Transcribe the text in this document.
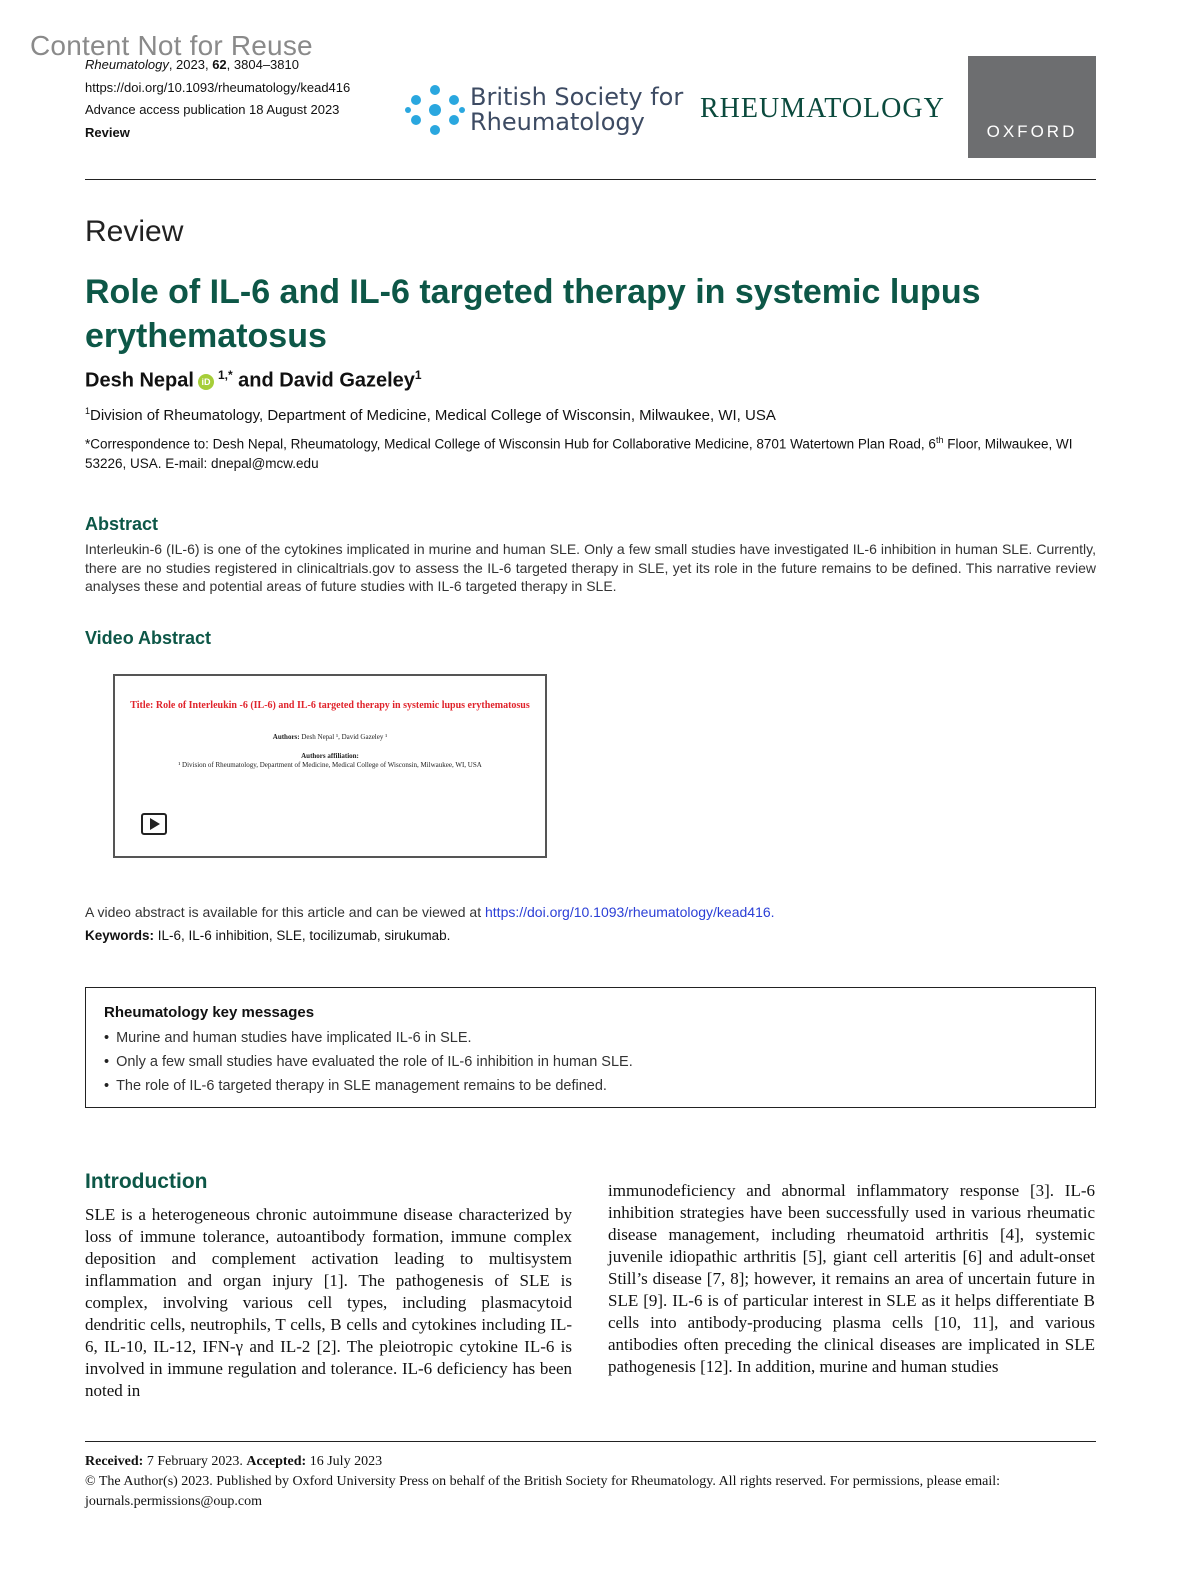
Rheumatology, 2023, 62, 3804–3810
https://doi.org/10.1093/rheumatology/kead416
Advance access publication 18 August 2023
Review
Content Not for Reuse
British Society for
Rheumatology	RHEUMATOLOGY
OXFORD
Review
Role of IL-6 and IL-6 targeted therapy in systemic lupus erythematosus
Desh Nepal iD $^{1,*}$ and David Gazeley$^1$
$^1$Division of Rheumatology, Department of Medicine, Medical College of Wisconsin, Milwaukee, WI, USA
*Correspondence to: Desh Nepal, Rheumatology, Medical College of Wisconsin Hub for Collaborative Medicine, 8701 Watertown Plan Road, 6th Floor, Milwaukee, WI 53226, USA. E-mail: dnepal@mcw.edu
Abstract
Interleukin-6 (IL-6) is one of the cytokines implicated in murine and human SLE. Only a few small studies have investigated IL-6 inhibition in human SLE. Currently, there are no studies registered in clinicaltrials.gov to assess the IL-6 targeted therapy in SLE, yet its role in the future remains to be defined. This narrative review analyses these and potential areas of future studies with IL-6 targeted therapy in SLE.
Video Abstract
Title: Role of Interleukin -6 (IL-6) and IL-6 targeted therapy in systemic lupus erythematosus
Authors: Desh Nepal ¹, David Gazeley ¹
Authors affiliation:
¹ Division of Rheumatology, Department of Medicine, Medical College of Wisconsin, Milwaukee, WI, USA
A video abstract is available for this article and can be viewed at https://doi.org/10.1093/rheumatology/kead416.
Keywords: IL-6, IL-6 inhibition, SLE, tocilizumab, sirukumab.
Rheumatology key messages
• Murine and human studies have implicated IL-6 in SLE.
• Only a few small studies have evaluated the role of IL-6 inhibition in human SLE.
• The role of IL-6 targeted therapy in SLE management remains to be defined.
Introduction
SLE is a heterogeneous chronic autoimmune disease characterized by loss of immune tolerance, autoantibody formation, immune complex deposition and complement activation leading to multisystem inflammation and organ injury [1]. The pathogenesis of SLE is complex, involving various cell types, including plasmacytoid dendritic cells, neutrophils, T cells, B cells and cytokines including IL-6, IL-10, IL-12, IFN-γ and IL-2 [2]. The pleiotropic cytokine IL-6 is involved in immune regulation and tolerance. IL-6 deficiency has been noted in
immunodeficiency and abnormal inflammatory response [3]. IL-6 inhibition strategies have been successfully used in various rheumatic disease management, including rheumatoid arthritis [4], systemic juvenile idiopathic arthritis [5], giant cell arteritis [6] and adult-onset Still’s disease [7, 8]; however, it remains an area of uncertain future in SLE [9]. IL-6 is of particular interest in SLE as it helps differentiate B cells into antibody-producing plasma cells [10, 11], and various antibodies often preceding the clinical diseases are implicated in SLE pathogenesis [12]. In addition, murine and human studies
Received: 7 February 2023. Accepted: 16 July 2023
© The Author(s) 2023. Published by Oxford University Press on behalf of the British Society for Rheumatology. All rights reserved. For permissions, please email: journals.permissions@oup.com
